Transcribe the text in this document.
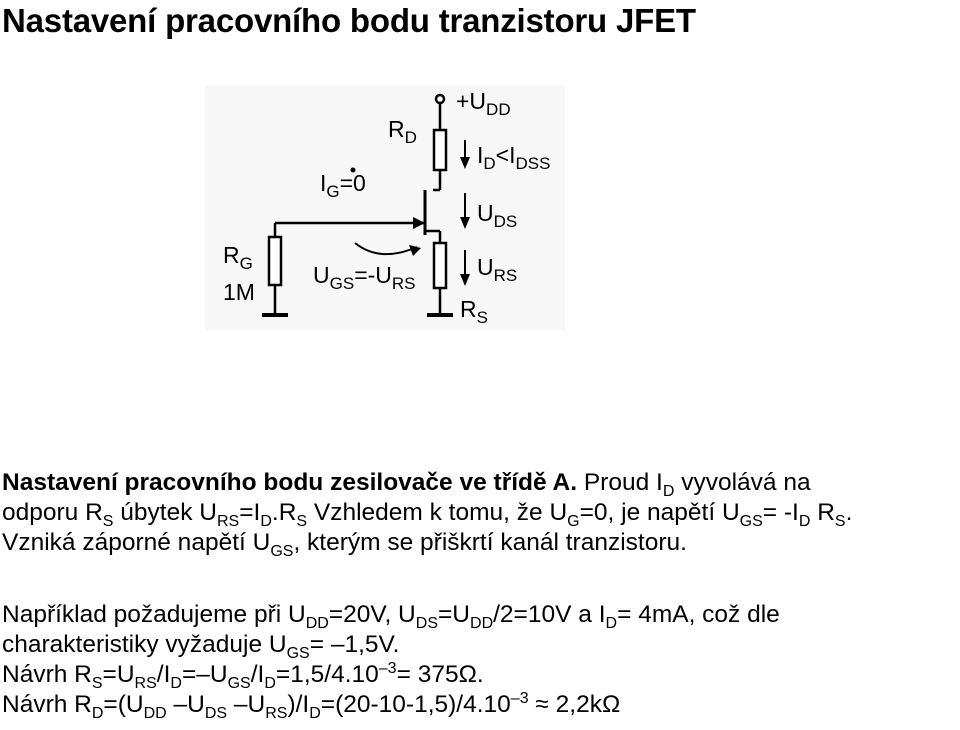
Nastavení pracovního bodu tranzistoru JFET
$+U_{DD}$
$R_D$
$I_D<I_{DSS}$
$I_G=0$
$U_{DS}$
$R_G$
1M
$U_{GS}=-U_{RS}$
$U_{RS}$
$R_S$
Nastavení pracovního bodu zesilovače ve třídě A. Proud $I_D$ vyvolává na
odporu $R_S$ úbytek $U_{RS}=I_D.R_S$ Vzhledem k tomu, že $U_G=0$, je napětí $U_{GS}= -I_D$ $R_S$.
Vzniká záporné napětí $U_{GS}$, kterým se přiškrtí kanál tranzistoru.
Například požadujeme při $U_{DD}=20V$, $U_{DS}=U_{DD}/2=10V$ a $I_D= 4mA$, což dle
charakteristiky vyžaduje $U_{GS}= -1,5V$.
Návrh $R_S=U_{RS}/I_D=-U_{GS}/I_D=1,5/4.10^{-3}= 375\Omega$.
Návrh $R_D=(U_{DD}$ $-U_{DS}$ $-U_{RS})/I_D=(20-10-1,5)/4.10^{-3} \approx 2,2k\Omega$
